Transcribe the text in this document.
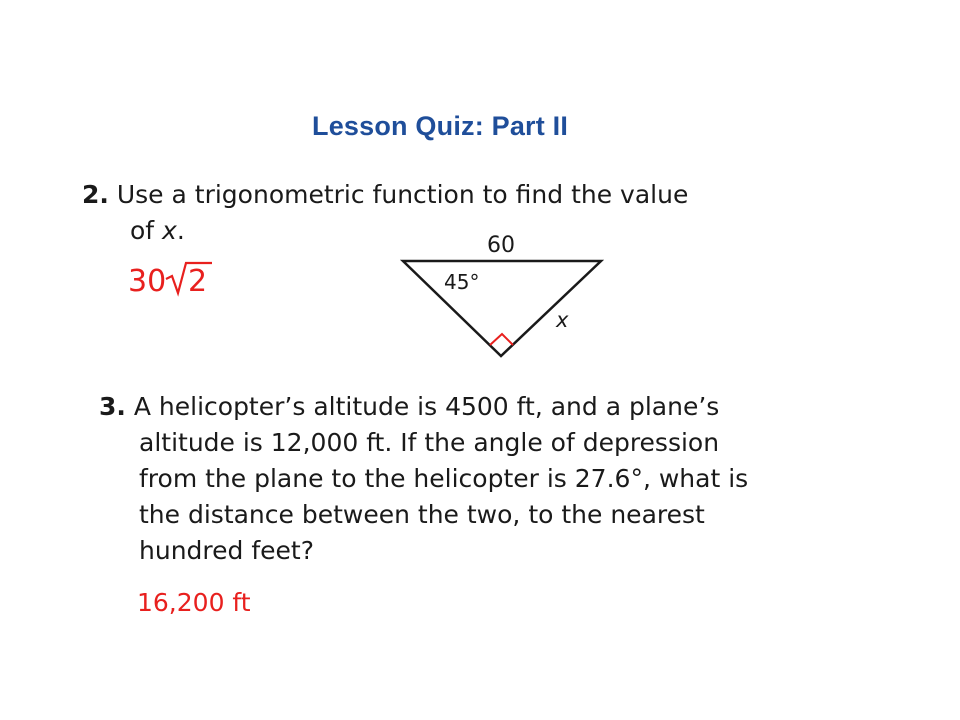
Lesson Quiz: Part II
2. Use a trigonometric function to find the value
of x.
30 2
60
45°
x
3. A helicopter’s altitude is 4500 ft, and a plane’s
altitude is 12,000 ft. If the angle of depression
from the plane to the helicopter is 27.6°, what is
the distance between the two, to the nearest
hundred feet?

16,200 ft
